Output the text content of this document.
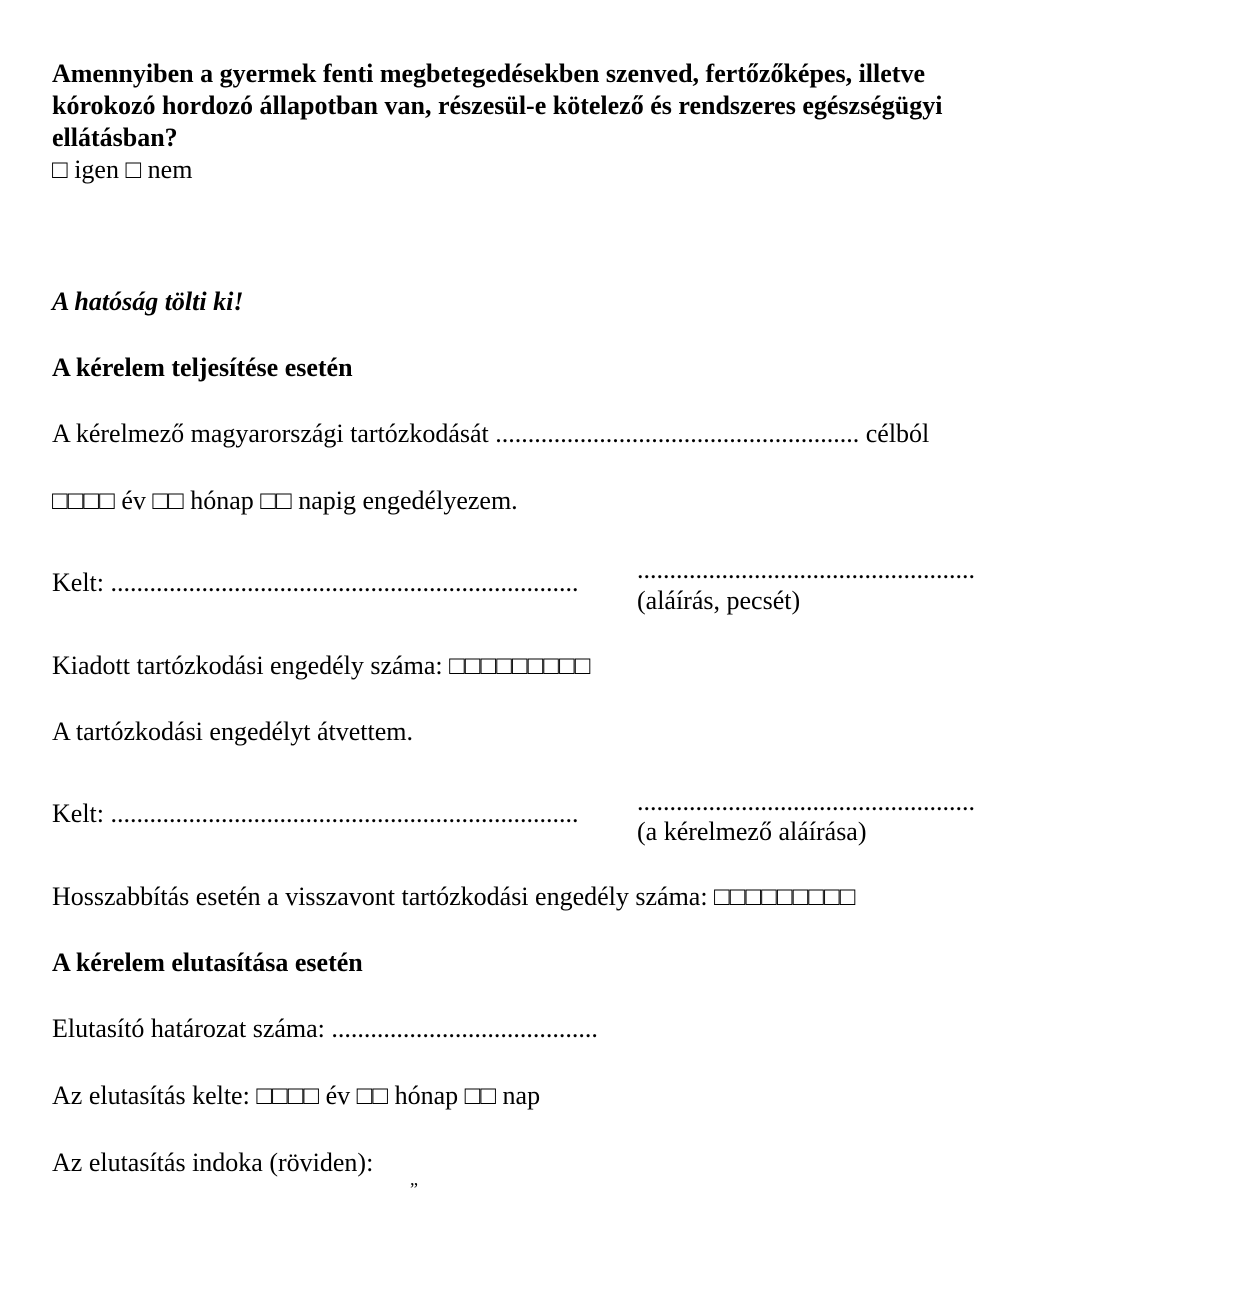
Amennyiben a gyermek fenti megbetegedésekben szenved, fertőzőképes, illetve
kórokozó hordozó állapotban van, részesül-e kötelező és rendszeres egészségügyi
ellátásban?
□ igen □ nem
A hatóság tölti ki!
A kérelem teljesítése esetén
A kérelmező magyarországi tartózkodását ........................................................ célból
□□□□ év □□ hónap □□ napig engedélyezem.
Kelt: ........................................................................ ....................................................
(aláírás, pecsét)
Kiadott tartózkodási engedély száma: □□□□□□□□□
A tartózkodási engedélyt átvettem.
Kelt: ........................................................................ ....................................................
(a kérelmező aláírása)
Hosszabbítás esetén a visszavont tartózkodási engedély száma: □□□□□□□□□
A kérelem elutasítása esetén
Elutasító határozat száma: .........................................
Az elutasítás kelte: □□□□ év □□ hónap □□ nap
Az elutasítás indoka (röviden):
ˮ
